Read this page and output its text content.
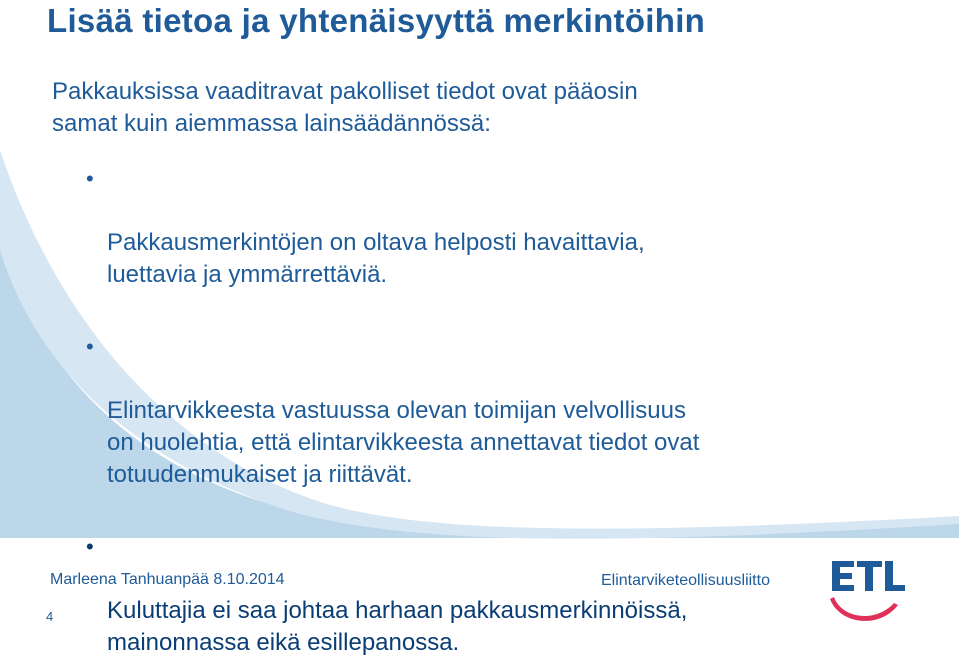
Lisää tietoa ja yhtenäisyyttä merkintöihin

Pakkauksissa vaaditravat pakolliset tiedot ovat pääosin
samat kuin aiemmassa lainsäädännössä:

•

Pakkausmerkintöjen on oltava helposti havaittavia,
luettavia ja ymmärrettäviä.

•

Elintarvikkeesta vastuussa olevan toimijan velvollisuus
on huolehtia, että elintarvikkeesta annettavat tiedot ovat
totuudenmukaiset ja riittävät.

•

Kuluttajia ei saa johtaa harhaan pakkausmerkinnöissä,
mainonnassa eikä esillepanossa.

Marleena Tanhuanpää 8.10.2014	Elintarviketeollisuusliitto
4
